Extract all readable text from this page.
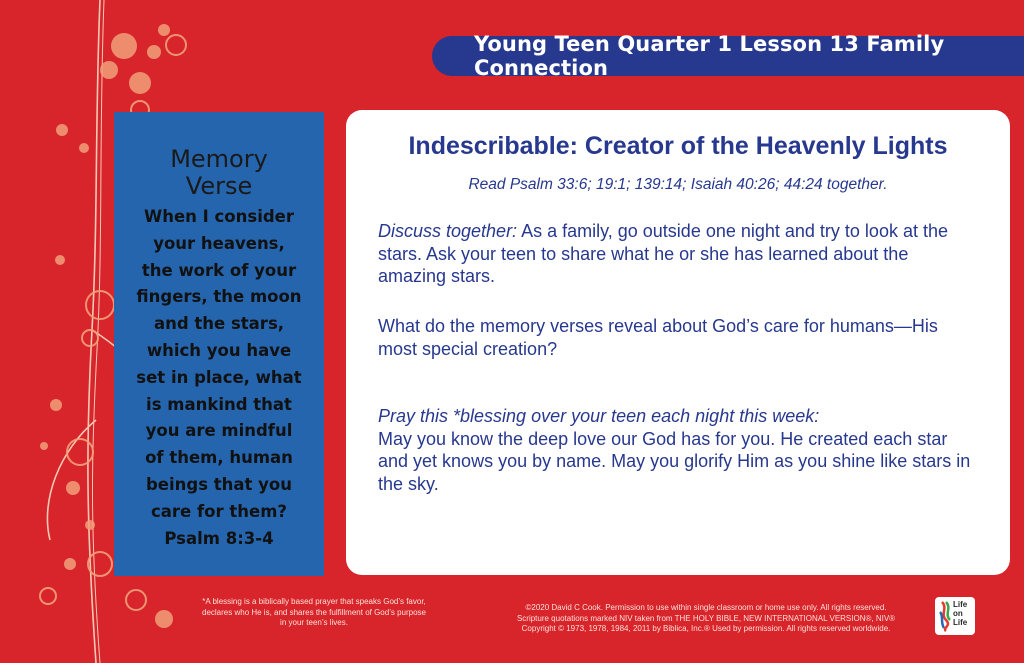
Young Teen Quarter 1 Lesson 13 Family Connection
Memory
Verse
When I consider
your heavens,
the work of your
fingers, the moon
and the stars,
which you have
set in place, what
is mankind that
you are mindful
of them, human
beings that you
care for them?
Psalm 8:3-4
Indescribable: Creator of the Heavenly Lights
Read Psalm 33:6; 19:1; 139:14; Isaiah 40:26; 44:24 together.
Discuss together: As a family, go outside one night and try to look at the stars. Ask your teen to share what he or she has learned about the amazing stars.
What do the memory verses reveal about God’s care for humans—His most special creation?
Pray this *blessing over your teen each night this week:
May you know the deep love our God has for you. He created each star and yet knows you by name. May you glorify Him as you shine like stars in the sky.
*A blessing is a biblically based prayer that speaks God’s favor, declares who He is, and shares the fulfillment of God’s purpose in your teen’s lives.
©2020 David C Cook. Permission to use within single classroom or home use only. All rights reserved.
Scripture quotations marked NIV taken from THE HOLY BIBLE, NEW INTERNATIONAL VERSION®, NIV®
Copyright © 1973, 1978, 1984, 2011 by Biblica, Inc.® Used by permission. All rights reserved worldwide.
Life
on
Life
